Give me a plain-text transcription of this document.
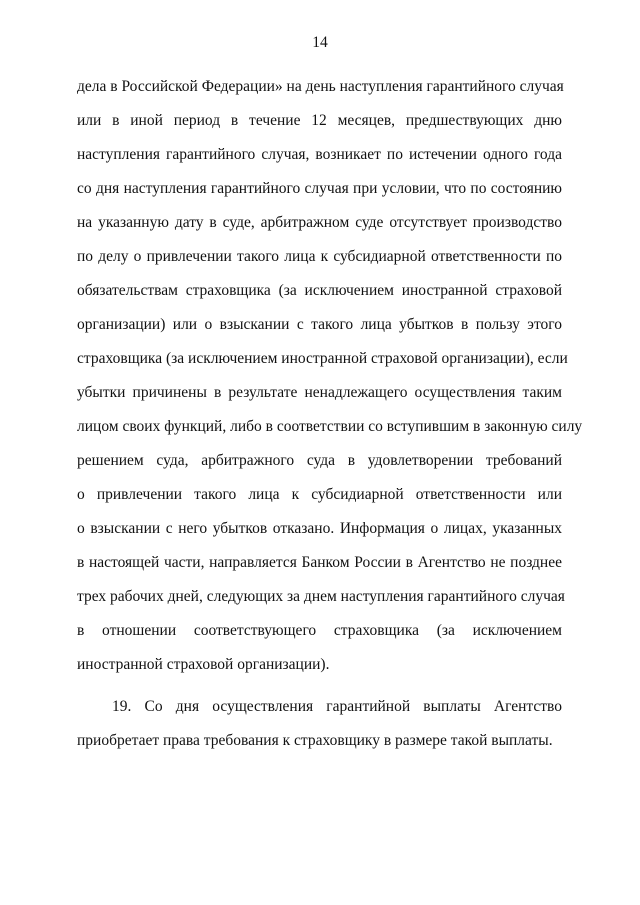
14
дела в Российской Федерации» на день наступления гарантийного случая
или в иной период в течение 12 месяцев, предшествующих дню
наступления гарантийного случая, возникает по истечении одного года
со дня наступления гарантийного случая при условии, что по состоянию
на указанную дату в суде, арбитражном суде отсутствует производство
по делу о привлечении такого лица к субсидиарной ответственности по
обязательствам страховщика (за исключением иностранной страховой
организации) или о взыскании с такого лица убытков в пользу этого
страховщика (за исключением иностранной страховой организации), если
убытки причинены в результате ненадлежащего осуществления таким
лицом своих функций, либо в соответствии со вступившим в законную силу
решением суда, арбитражного суда в удовлетворении требований
о привлечении такого лица к субсидиарной ответственности или
о взыскании с него убытков отказано. Информация о лицах, указанных
в настоящей части, направляется Банком России в Агентство не позднее
трех рабочих дней, следующих за днем наступления гарантийного случая
в отношении соответствующего страховщика (за исключением
иностранной страховой организации).
19. Со дня осуществления гарантийной выплаты Агентство
приобретает права требования к страховщику в размере такой выплаты.
